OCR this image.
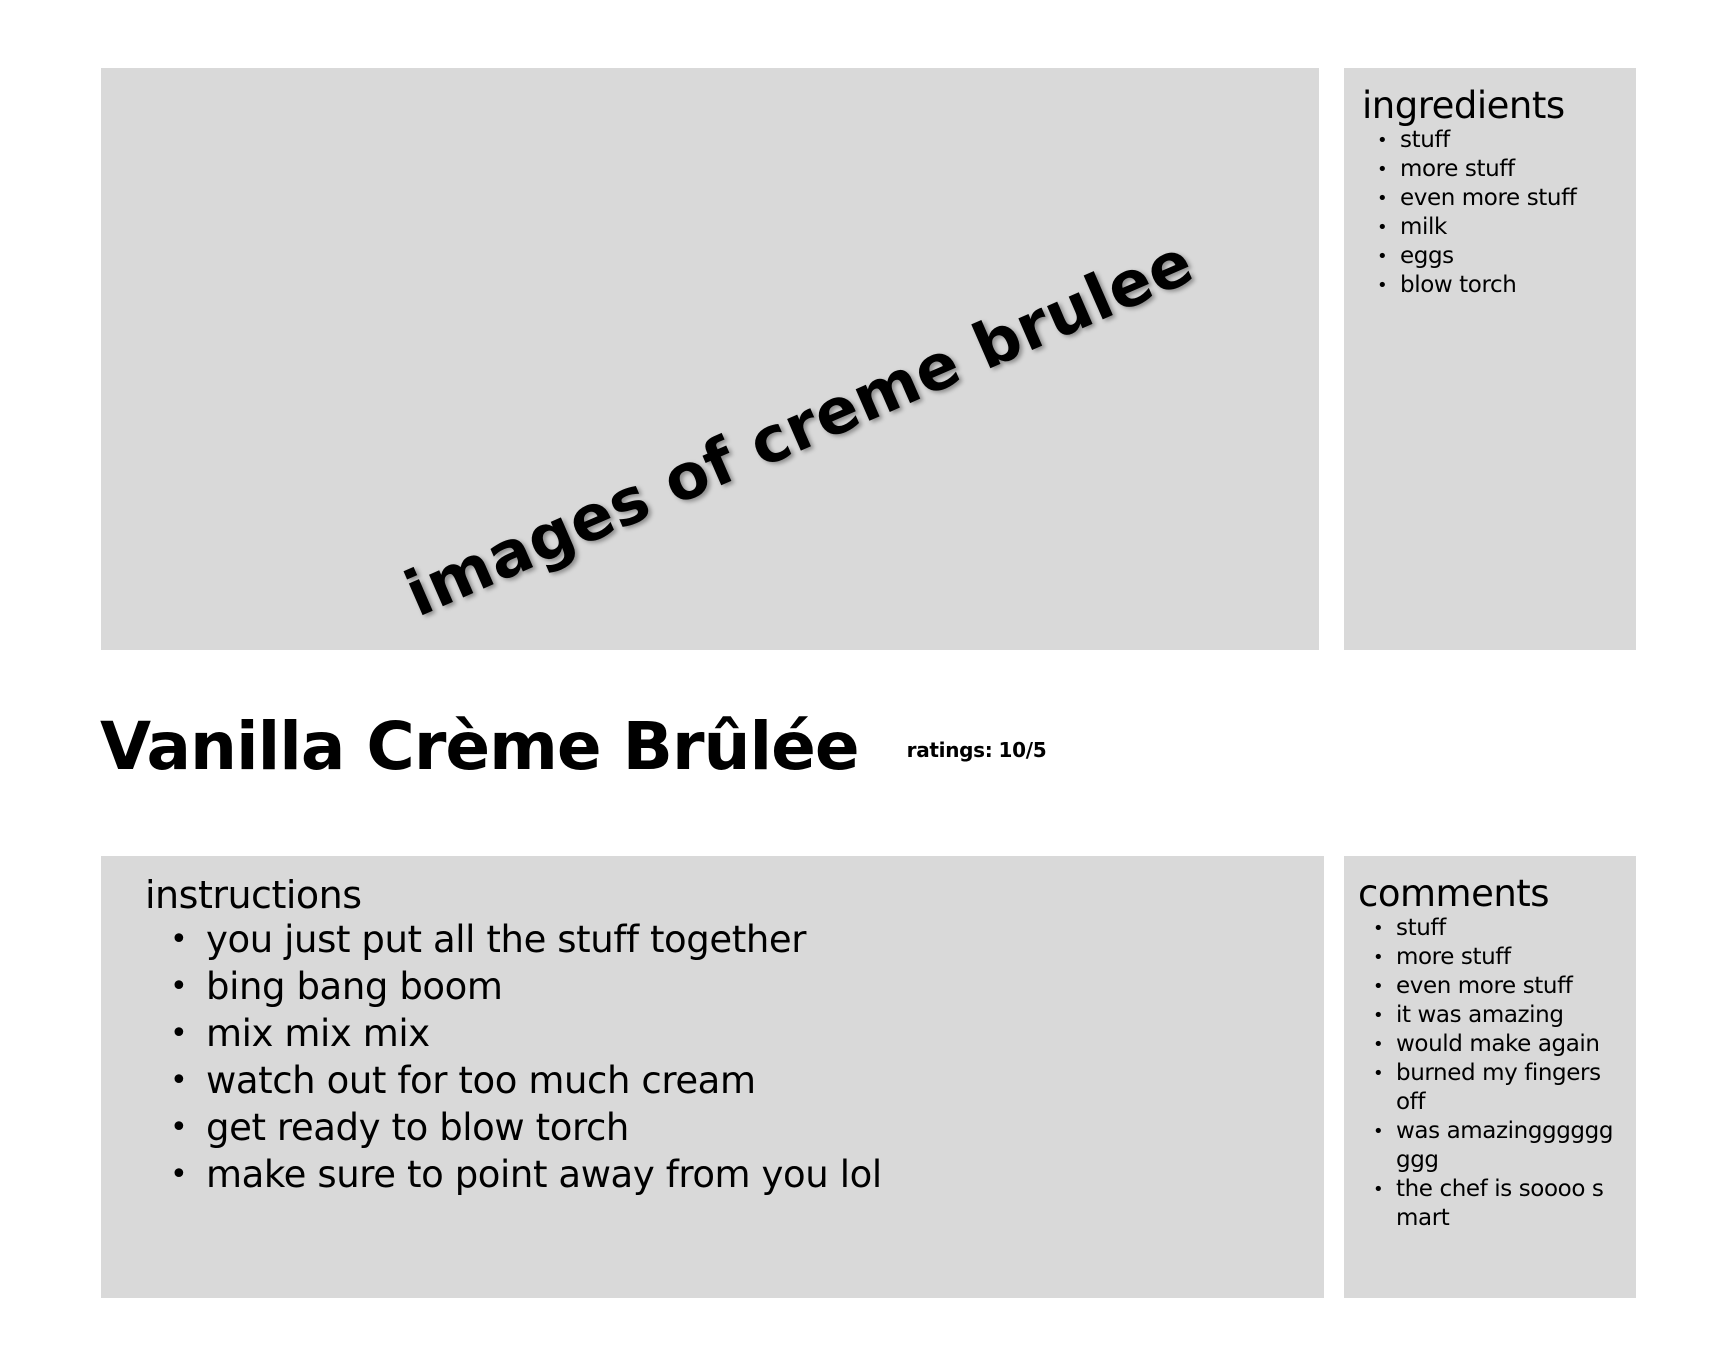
images of creme brulee
ingredients
• stuff
• more stuff
• even more stuff
• milk
• eggs
• blow torch
Vanilla Crème Brûlée ratings: 10/5
instructions
• you just put all the stuff together
• bing bang boom
• mix mix mix
• watch out for too much cream
• get ready to blow torch
• make sure to point away from you lol
comments
• stuff
• more stuff
• even more stuff
• it was amazing
• would make again
• burned my fingers off
• was amazinggggggggg
• the chef is soooo smart
